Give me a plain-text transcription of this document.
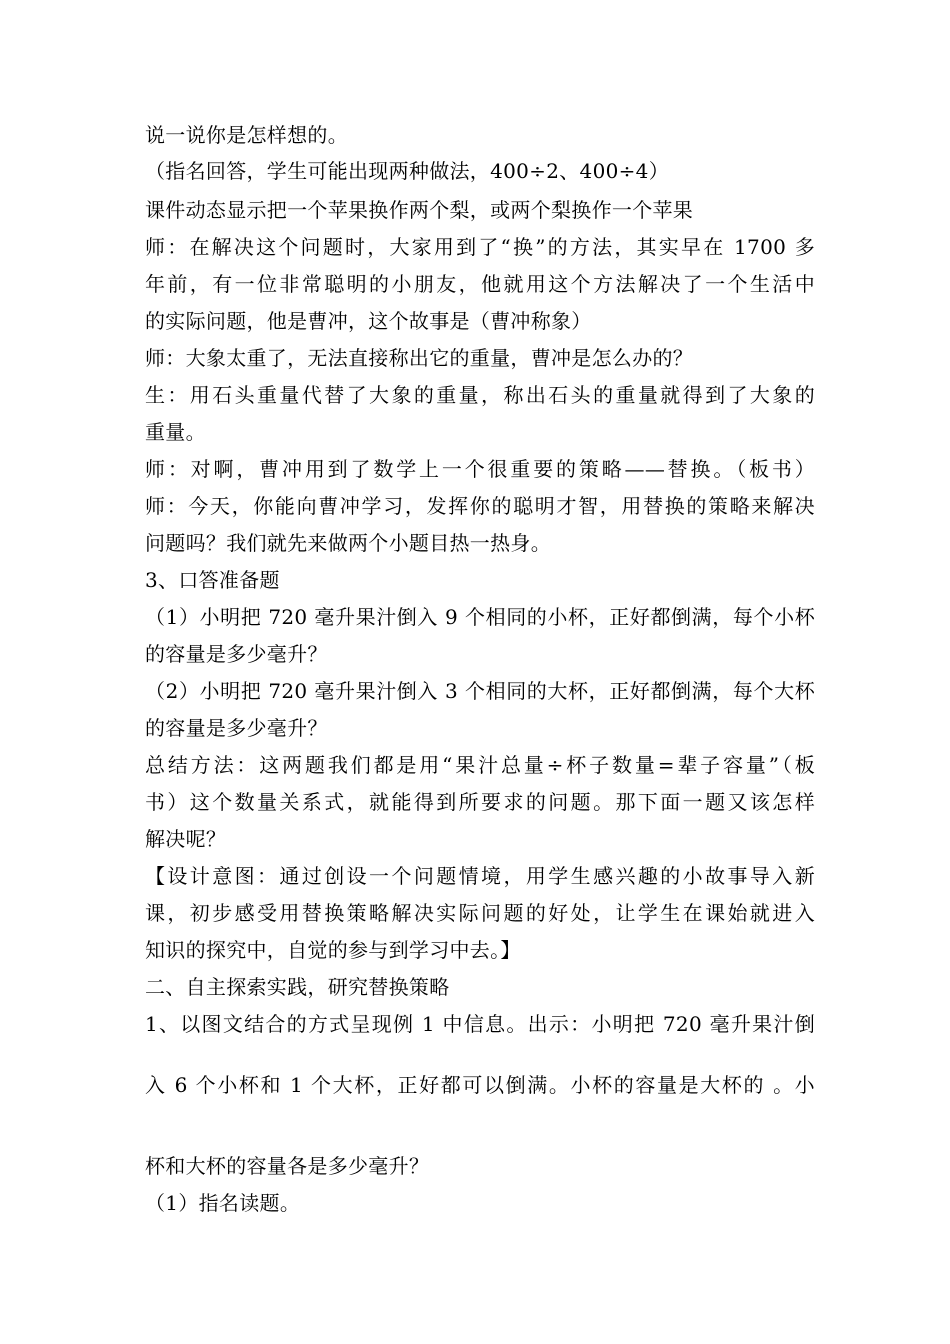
说一说你是怎样想的。
（指名回答，学生可能出现两种做法，400÷2、400÷4）
课件动态显示把一个苹果换作两个梨，或两个梨换作一个苹果
师：在解决这个问题时，大家用到了“换”的方法，其实早在 1700 多
年前，有一位非常聪明的小朋友，他就用这个方法解决了一个生活中
的实际问题，他是曹冲，这个故事是（曹冲称象）
师：大象太重了，无法直接称出它的重量，曹冲是怎么办的？
生：用石头重量代替了大象的重量，称出石头的重量就得到了大象的
重量。
师：对啊，曹冲用到了数学上一个很重要的策略——替换。（板书）
师：今天，你能向曹冲学习，发挥你的聪明才智，用替换的策略来解决
问题吗？我们就先来做两个小题目热一热身。
3、口答准备题
（1）小明把 720 毫升果汁倒入 9 个相同的小杯，正好都倒满，每个小杯
的容量是多少毫升？
（2）小明把 720 毫升果汁倒入 3 个相同的大杯，正好都倒满，每个大杯
的容量是多少毫升？
总结方法：这两题我们都是用“果汁总量÷杯子数量=辈子容量”（板
书）这个数量关系式，就能得到所要求的问题。那下面一题又该怎样
解决呢？
【设计意图：通过创设一个问题情境，用学生感兴趣的小故事导入新
课，初步感受用替换策略解决实际问题的好处，让学生在课始就进入
知识的探究中，自觉的参与到学习中去。】
二、自主探索实践，研究替换策略
1、以图文结合的方式呈现例 1 中信息。出示：小明把 720 毫升果汁倒
入 6 个小杯和 1 个大杯，正好都可以倒满。小杯的容量是大杯的 。小
杯和大杯的容量各是多少毫升？
（1）指名读题。
